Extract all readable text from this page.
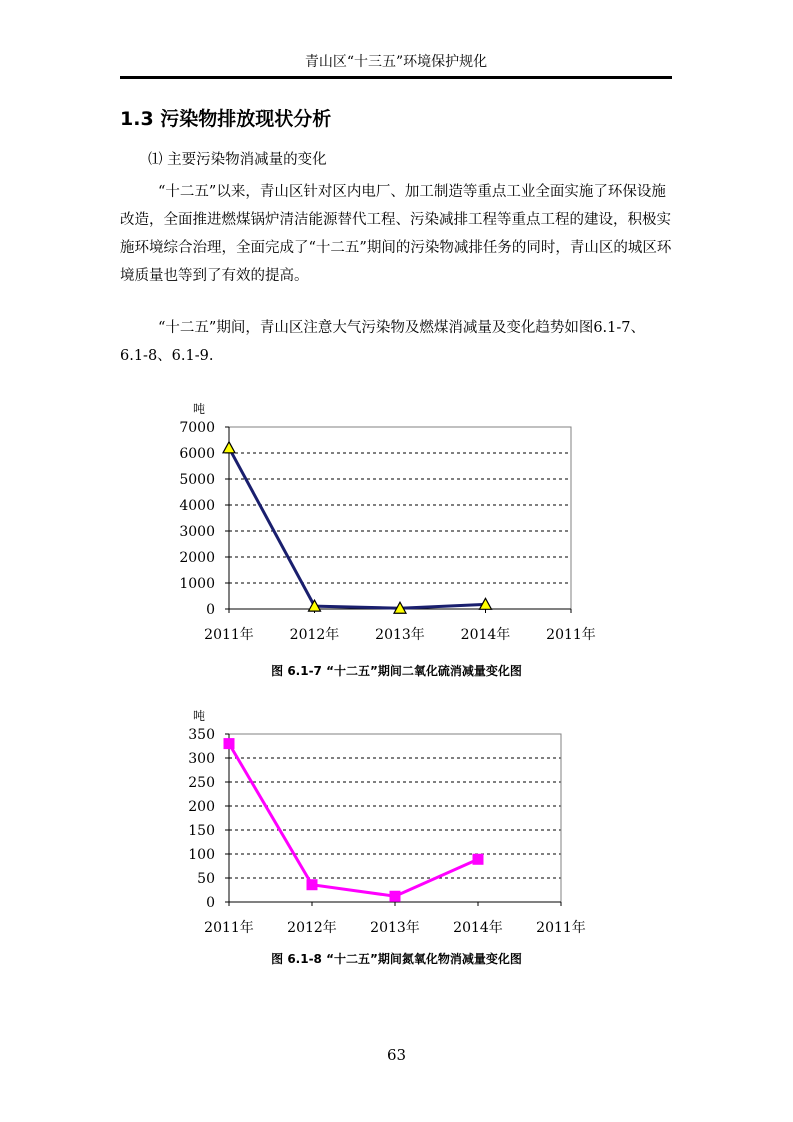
青山区“十三五”环境保护规化
1.3 污染物排放现状分析
⑴ 主要污染物消减量的变化
“十二五”以来，青山区针对区内电厂、加工制造等重点工业全面实施了环保设施改造，全面推进燃煤锅炉清洁能源替代工程、污染减排工程等重点工程的建设，积极实施环境综合治理，全面完成了“十二五”期间的污染物减排任务的同时，青山区的城区环境质量也等到了有效的提高。
“十二五”期间，青山区注意大气污染物及燃煤消减量及变化趋势如图6.1-7、6.1-8、6.1-9.
0
1000
2000
3000
4000
5000
6000
7000
2011年	2012年	2013年	2014年	2011年
吨
图 6.1-7 “十二五”期间二氧化硫消减量变化图
0
50
100
150
200
250
300
350
2011年 2012年 2013年 2014年 2011年
吨
图 6.1-8 “十二五”期间氮氧化物消减量变化图
63
